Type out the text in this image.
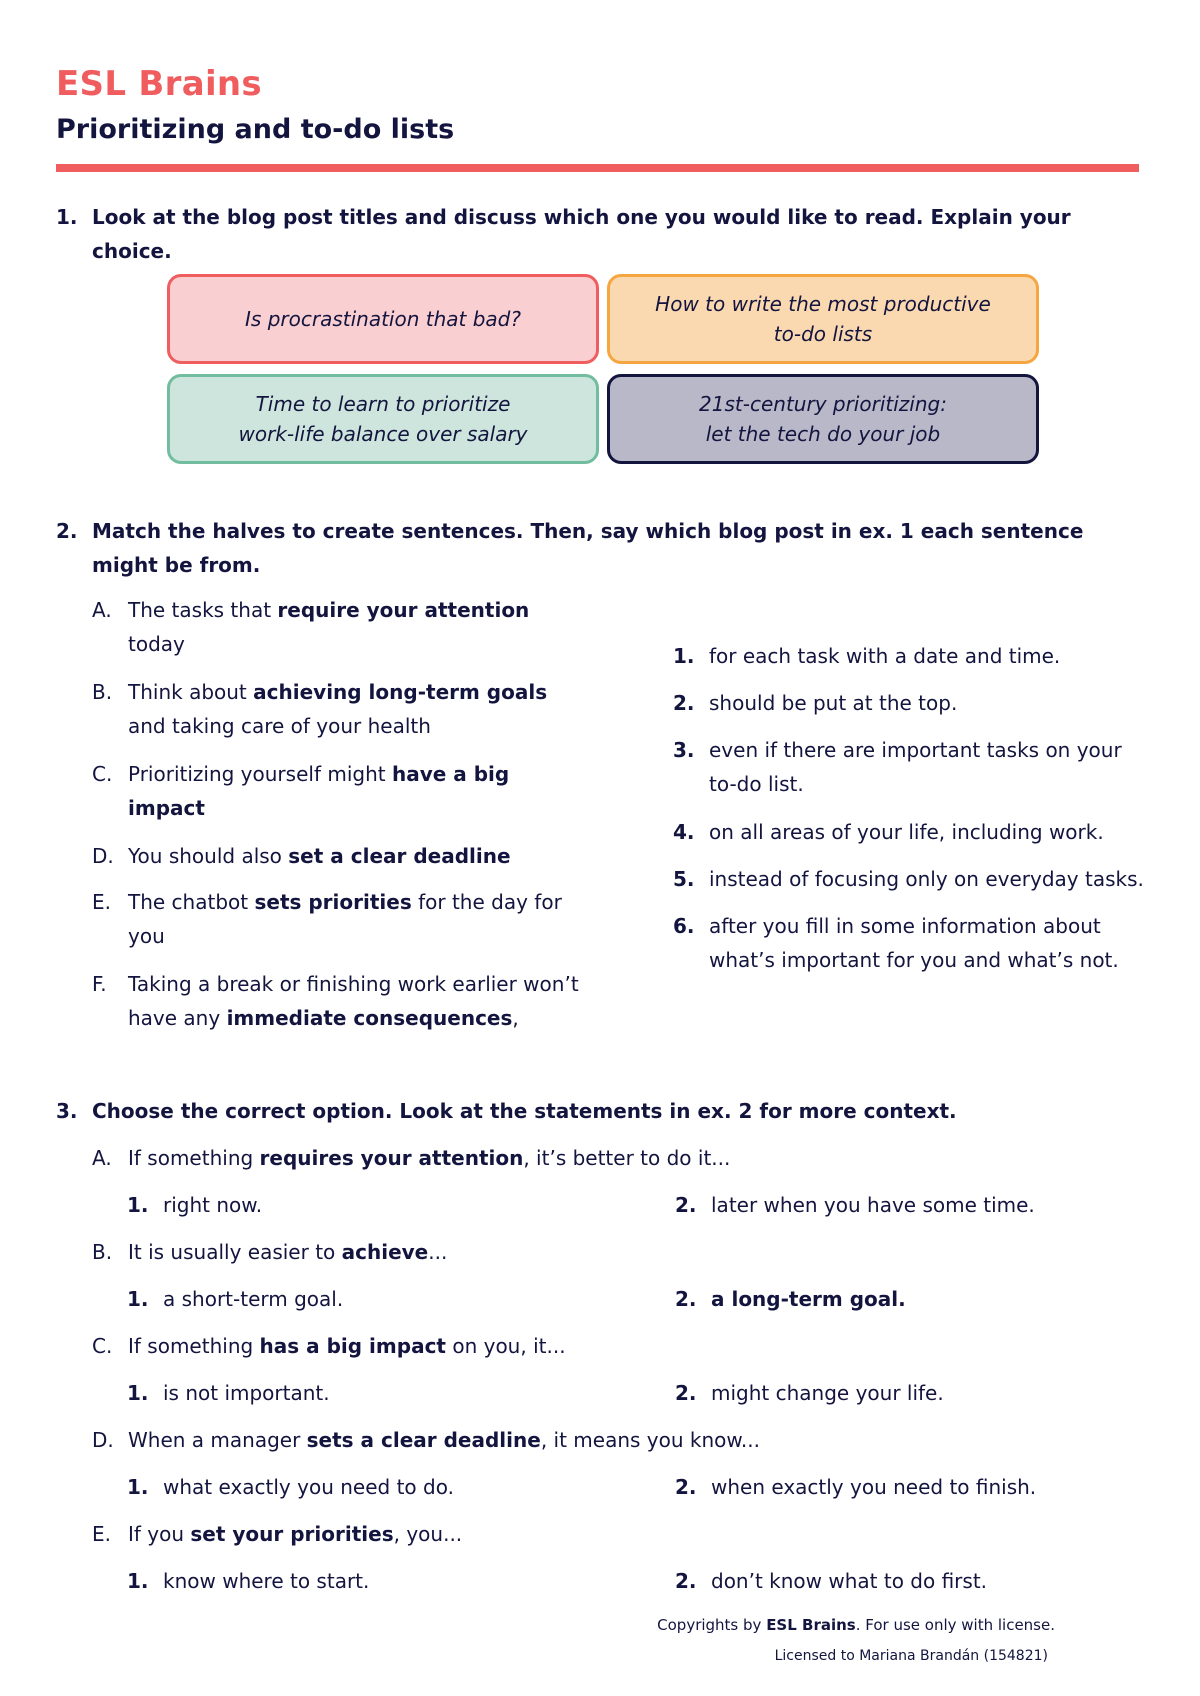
ESL Brains
Prioritizing and to-do lists
1. Look at the blog post titles and discuss which one you would like to read. Explain your choice.
Is procrastination that bad?
How to write the most productive
to-do lists
Time to learn to prioritize
work-life balance over salary
21st-century prioritizing:
let the tech do your job
2. Match the halves to create sentences. Then, say which blog post in ex. 1 each sentence might be from.
A. The tasks that require your attention today
B. Think about achieving long-term goals and taking care of your health
C. Prioritizing yourself might have a big impact
D. You should also set a clear deadline
E. The chatbot sets priorities for the day for you
F.	Taking a break or finishing work earlier won’t have any immediate consequences,
1. for each task with a date and time.
2. should be put at the top.
3. even if there are important tasks on your to-do list.
4. on all areas of your life, including work.
5. instead of focusing only on everyday tasks.
6. after you fill in some information about what’s important for you and what’s not.
3. Choose the correct option. Look at the statements in ex. 2 for more context.
A. If something requires your attention, it’s better to do it...
1. right now.	2. later when you have some time.
B. It is usually easier to achieve...
1. a short-term goal.	2. a long-term goal.
C. If something has a big impact on you, it...
1. is not important.	2. might change your life.
D. When a manager sets a clear deadline, it means you know...
1. what exactly you need to do.	2. when exactly you need to finish.
E. If you set your priorities, you...
1. know where to start.	2. don’t know what to do first.
Copyrights by ESL Brains. For use only with license.
Licensed to Mariana Brandán (154821)
